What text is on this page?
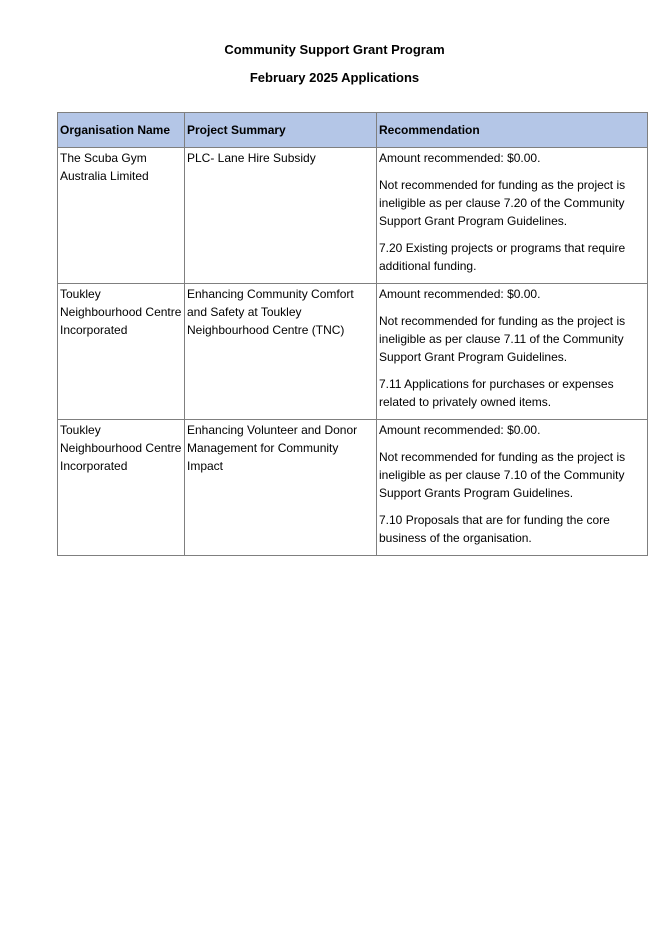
Community Support Grant Program
February 2025 Applications
Organisation Name	Project Summary	Recommendation
The Scuba Gym Australia Limited	PLC- Lane Hire Subsidy	Amount recommended: $0.00.

Not recommended for funding as the project is ineligible as per clause 7.20 of the Community Support Grant Program Guidelines.

7.20 Existing projects or programs that require additional funding.

Toukley Neighbourhood Centre Incorporated	Enhancing Community Comfort and Safety at Toukley Neighbourhood Centre (TNC)	Amount recommended: $0.00.

Not recommended for funding as the project is ineligible as per clause 7.11 of the Community Support Grant Program Guidelines.

7.11 Applications for purchases or expenses related to privately owned items.

Toukley Neighbourhood Centre Incorporated	Enhancing Volunteer and Donor Management for Community Impact	Amount recommended: $0.00.

Not recommended for funding as the project is ineligible as per clause 7.10 of the Community Support Grants Program Guidelines.

7.10 Proposals that are for funding the core business of the organisation.
